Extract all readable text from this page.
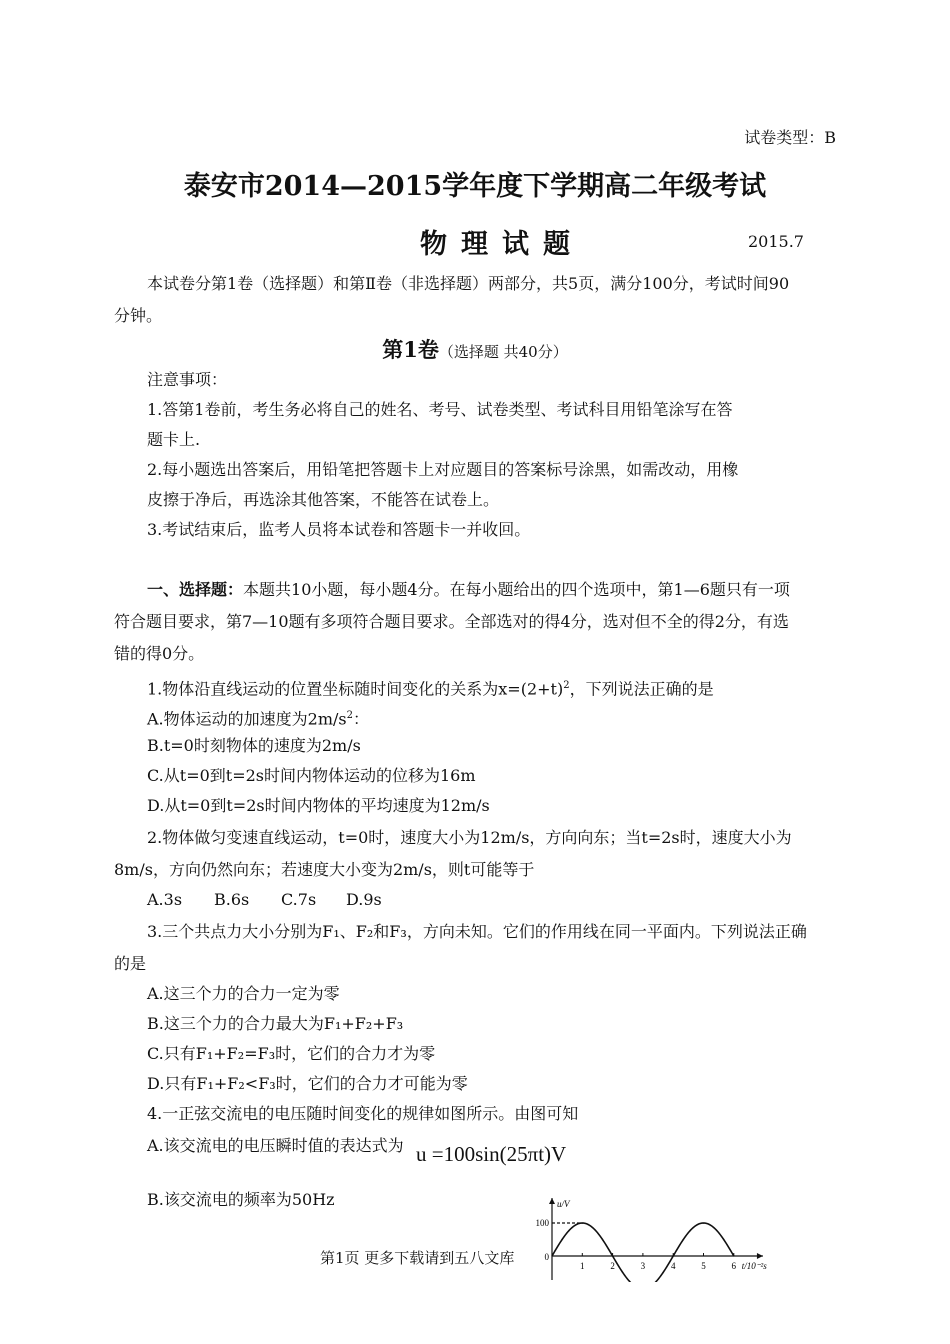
试卷类型：B
泰安市2014—2015学年度下学期高二年级考试
物理试题	2015.7
本试卷分第1卷（选择题）和第Ⅱ卷（非选择题）两部分，共5页，满分100分，考试时间90
分钟。
第1卷（选择题 共40分）
注意事项：
1.答第1卷前，考生务必将自己的姓名、考号、试卷类型、考试科目用铅笔涂写在答
题卡上.
2.每小题选出答案后，用铅笔把答题卡上对应题目的答案标号涂黑，如需改动，用橡
皮擦于净后，再选涂其他答案，不能答在试卷上。
3.考试结束后，监考人员将本试卷和答题卡一并收回。
一、选择题：本题共10小题，每小题4分。在每小题给出的四个选项中，第1—6题只有一项
符合题目要求，第7—10题有多项符合题目要求。全部选对的得4分，选对但不全的得2分，有选
错的得0分。
1.物体沿直线运动的位置坐标随时间变化的关系为$x=(2+t)^2$，下列说法正确的是
A.物体运动的加速度为$2m/s^2$：
B.t=0时刻物体的速度为2m/s
C.从t=0到t=2s时间内物体运动的位移为16m
D.从t=0到t=2s时间内物体的平均速度为12m/s
2.物体做匀变速直线运动，t=0时，速度大小为12m/s，方向向东；当t=2s时，速度大小为
8m/s，方向仍然向东；若速度大小变为2m/s，则t可能等于
A.3s B.6s C.7s D.9s
3.三个共点力大小分别为F₁、F₂和F₃，方向未知。它们的作用线在同一平面内。下列说法正确
的是
A.这三个力的合力一定为零
B.这三个力的合力最大为F₁+F₂+F₃
C.只有F₁+F₂=F₃时，它们的合力才为零
D.只有F₁+F₂<F₃时，它们的合力才可能为零
4.一正弦交流电的电压随时间变化的规律如图所示。由图可知
A.该交流电的电压瞬时值的表达式为 u =100sin(25πt)V
B.该交流电的频率为50Hz
第1页 更多下载请到五八文库
u/V
t/10⁻²s
100
0
1	2	3	4	5	6
